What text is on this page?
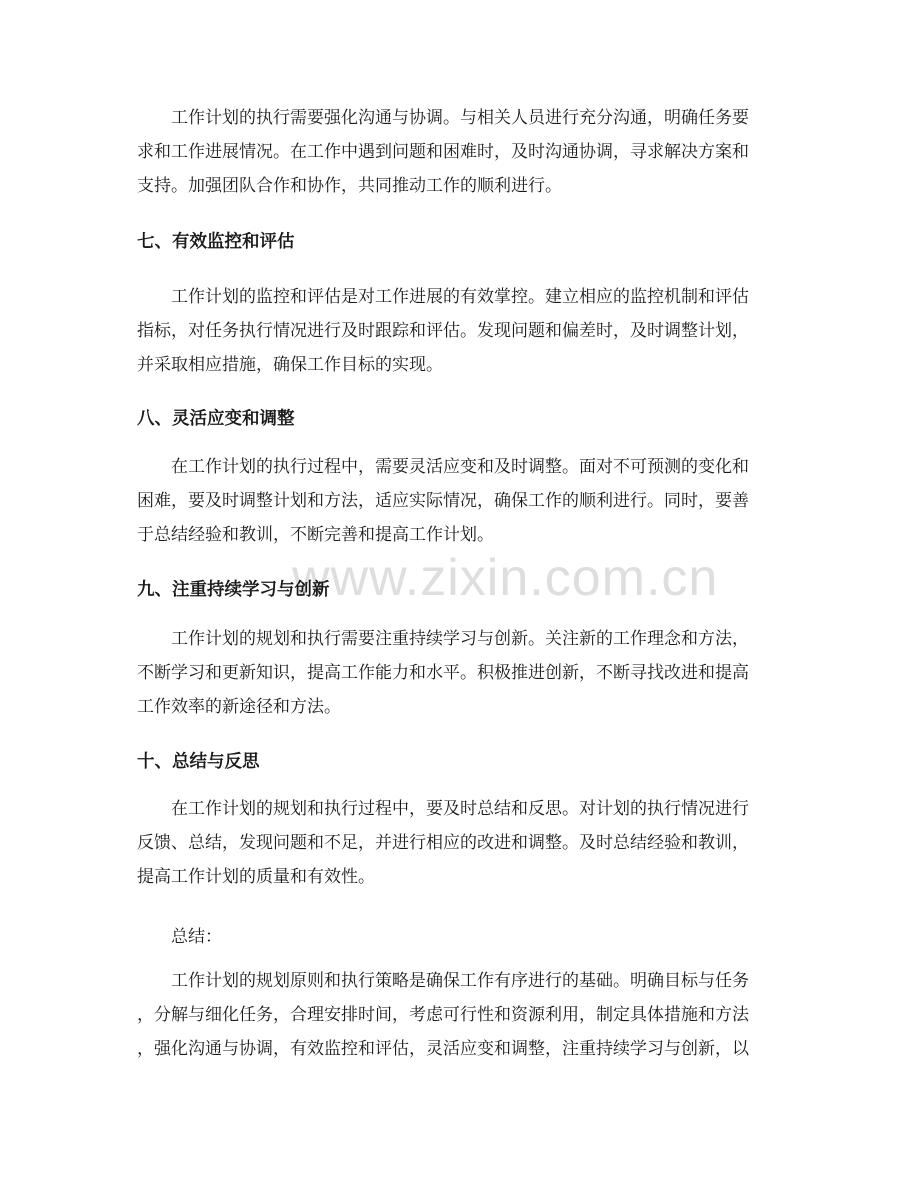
www.zixin.com.cn

工作计划的执行需要强化沟通与协调。与相关人员进行充分沟通，明确任务要
求和工作进展情况。在工作中遇到问题和困难时，及时沟通协调，寻求解决方案和
支持。加强团队合作和协作，共同推动工作的顺利进行。

七、有效监控和评估

工作计划的监控和评估是对工作进展的有效掌控。建立相应的监控机制和评估
指标，对任务执行情况进行及时跟踪和评估。发现问题和偏差时，及时调整计划，
并采取相应措施，确保工作目标的实现。

八、灵活应变和调整

在工作计划的执行过程中，需要灵活应变和及时调整。面对不可预测的变化和
困难，要及时调整计划和方法，适应实际情况，确保工作的顺利进行。同时，要善
于总结经验和教训，不断完善和提高工作计划。

九、注重持续学习与创新

工作计划的规划和执行需要注重持续学习与创新。关注新的工作理念和方法，
不断学习和更新知识，提高工作能力和水平。积极推进创新，不断寻找改进和提高
工作效率的新途径和方法。

十、总结与反思

在工作计划的规划和执行过程中，要及时总结和反思。对计划的执行情况进行
反馈、总结，发现问题和不足，并进行相应的改进和调整。及时总结经验和教训，
提高工作计划的质量和有效性。

总结：

工作计划的规划原则和执行策略是确保工作有序进行的基础。明确目标与任务
，分解与细化任务，合理安排时间，考虑可行性和资源利用，制定具体措施和方法
，强化沟通与协调，有效监控和评估，灵活应变和调整，注重持续学习与创新，以
